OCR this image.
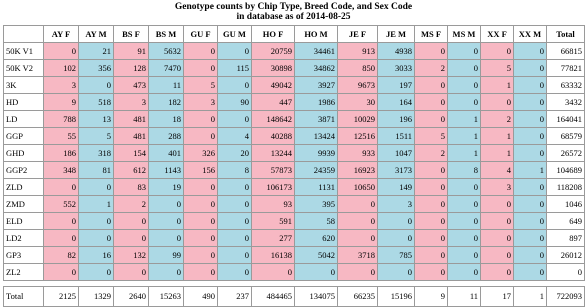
Genotype counts by Chip Type, Breed Code, and Sex Code
in database as of 2014-08-25
	AY F	AY M	BS F	BS M	GU F	GU M	HO F	HO M	JE F	JE M	MS F	MS M	XX F	XX M	Total
50K V1	0	21	91	5632	0	0	20759	34461	913	4938	0	0	0	0	66815
50K V2	102	356	128	7470	0	115	30898	34862	850	3033	2	0	5	0	77821
3K	3	0	473	11	5	0	49042	3927	9673	197	0	0	1	0	63332
HD	9	518	3	182	3	90	447	1986	30	164	0	0	0	0	3432
LD	788	13	481	18	0	0	148642	3871	10029	196	0	1	2	0	164041
GGP	55	5	481	288	0	4	40288	13424	12516	1511	5	1	1	0	68579
GHD	186	318	154	401	326	20	13244	9939	933	1047	2	1	1	0	26572
GGP2	348	81	612	1143	156	8	57873	24359	16923	3173	0	8	4	1	104689
ZLD	0	0	83	19	0	0	106173	1131	10650	149	0	0	3	0	118208
ZMD	552	1	2	0	0	0	93	395	0	3	0	0	0	0	1046
ELD	0	0	0	0	0	0	591	58	0	0	0	0	0	0	649
LD2	0	0	0	0	0	0	277	620	0	0	0	0	0	0	897
GP3	82	16	132	99	0	0	16138	5042	3718	785	0	0	0	0	26012
ZL2	0	0	0	0	0	0	0	0	0	0	0	0	0	0	0

Total	2125	1329	2640	15263	490	237	484465	134075	66235	15196	9	11	17	1	722093
